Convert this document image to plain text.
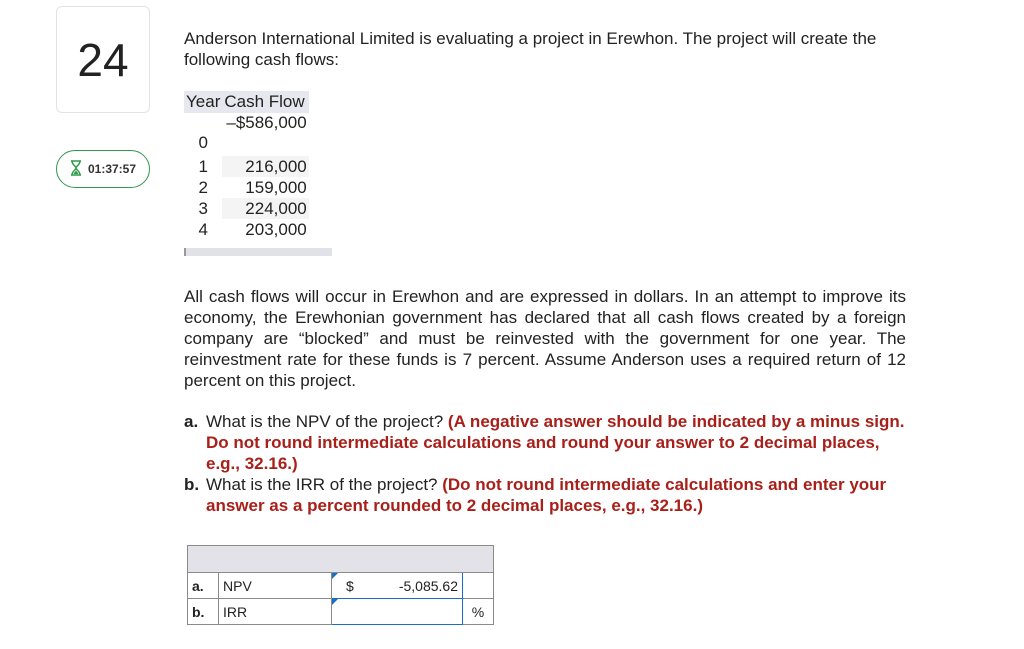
24
01:37:57
Anderson International Limited is evaluating a project in Erewhon. The project will create the following cash flows:
Year	Cash Flow
0	–$586,000
1	216,000
2	159,000
3	224,000
4	203,000
All cash flows will occur in Erewhon and are expressed in dollars. In an attempt to improve its economy, the Erewhonian government has declared that all cash flows created by a foreign company are “blocked” and must be reinvested with the government for one year. The reinvestment rate for these funds is 7 percent. Assume Anderson uses a required return of 12 percent on this project.
a. What is the NPV of the project? (A negative answer should be indicated by a minus sign. Do not round intermediate calculations and round your answer to 2 decimal places, e.g., 32.16.)
b. What is the IRR of the project? (Do not round intermediate calculations and enter your answer as a percent rounded to 2 decimal places, e.g., 32.16.)

a.	NPV	$ -5,085.62	

b.	IRR		%
